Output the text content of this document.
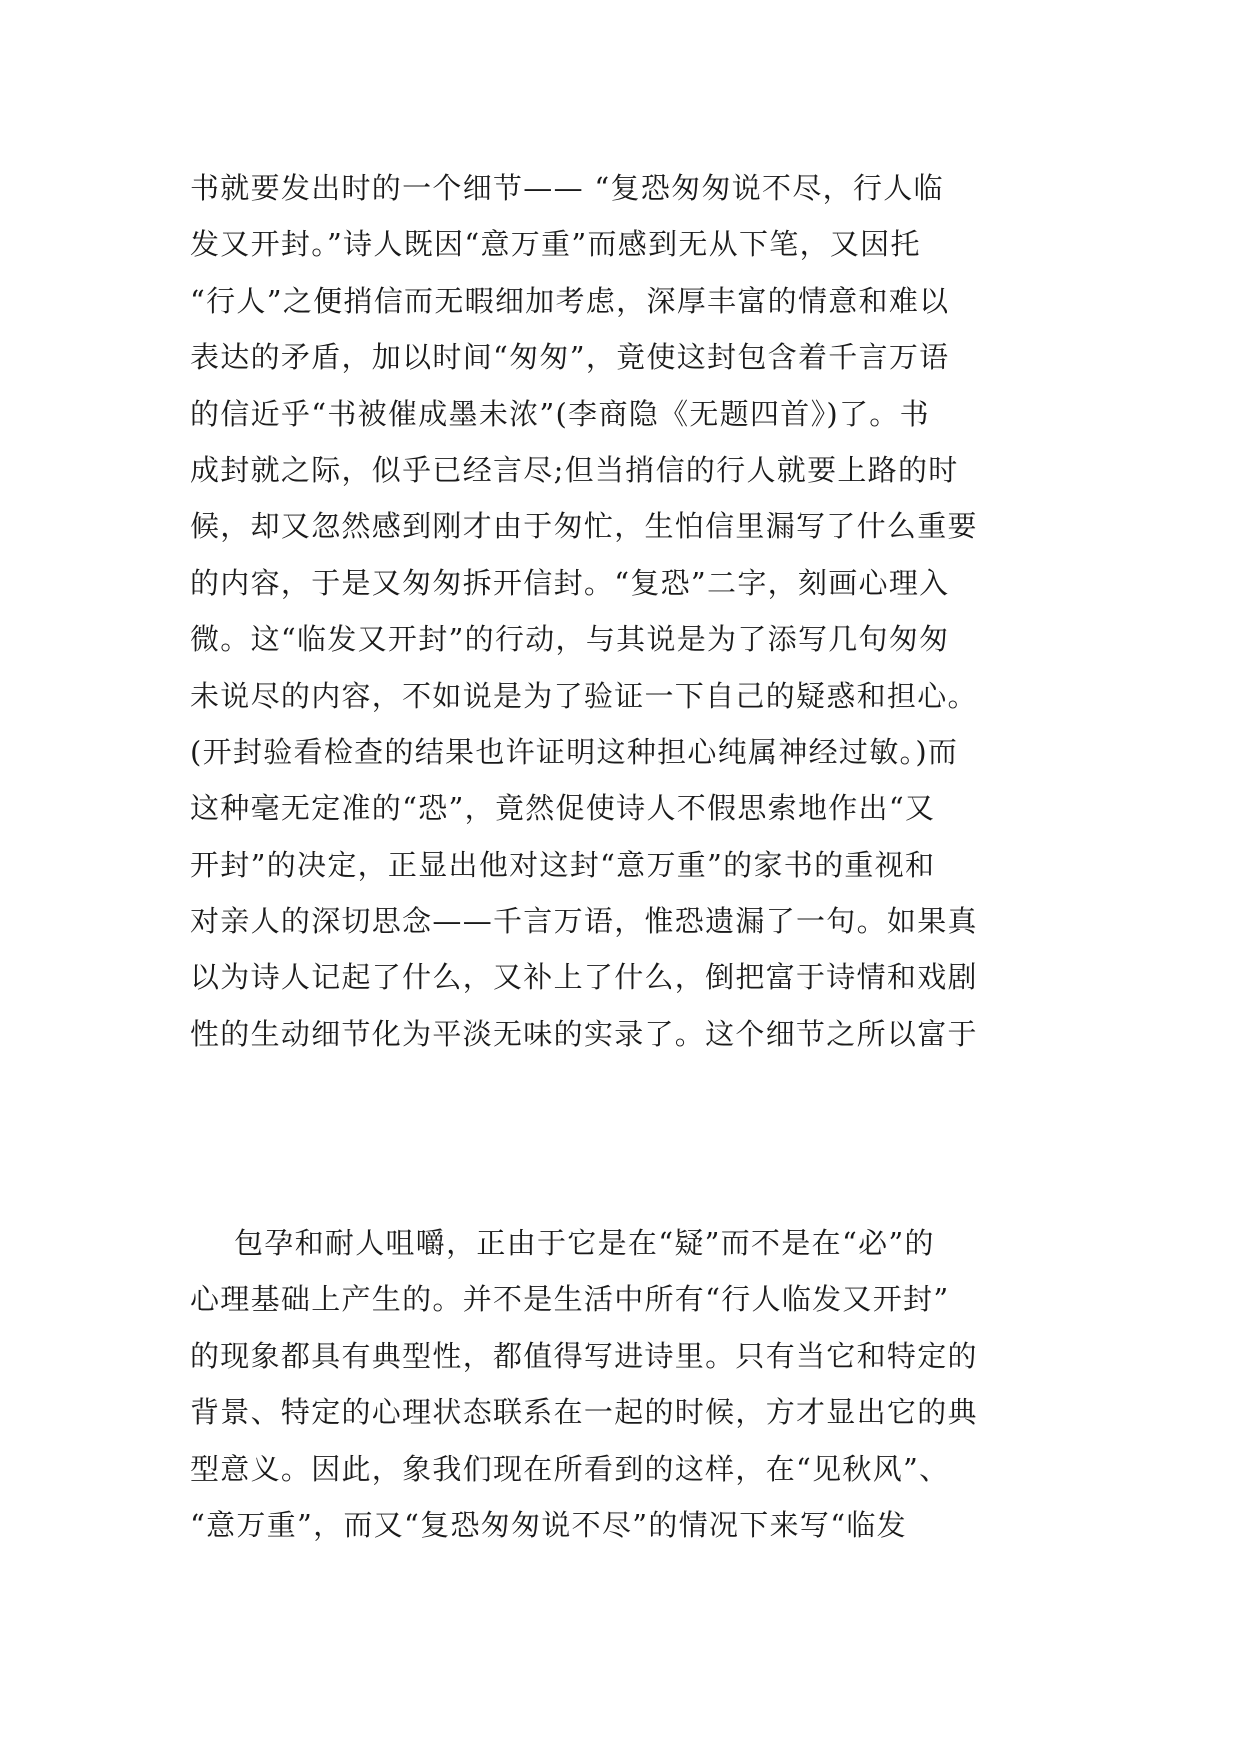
书就要发出时的一个细节—— “复恐匆匆说不尽，行人临
发又开封。”诗人既因“意万重”而感到无从下笔，又因托
“行人”之便捎信而无暇细加考虑，深厚丰富的情意和难以
表达的矛盾，加以时间“匆匆”，竟使这封包含着千言万语
的信近乎“书被催成墨未浓”(李商隐《无题四首》)了。书
成封就之际，似乎已经言尽;但当捎信的行人就要上路的时
候，却又忽然感到刚才由于匆忙，生怕信里漏写了什么重要
的内容，于是又匆匆拆开信封。“复恐”二字，刻画心理入
微。这“临发又开封”的行动，与其说是为了添写几句匆匆
未说尽的内容，不如说是为了验证一下自己的疑惑和担心。
(开封验看检查的结果也许证明这种担心纯属神经过敏。)而
这种毫无定准的“恐”，竟然促使诗人不假思索地作出“又
开封”的决定，正显出他对这封“意万重”的家书的重视和
对亲人的深切思念——千言万语，惟恐遗漏了一句。如果真
以为诗人记起了什么，又补上了什么，倒把富于诗情和戏剧
性的生动细节化为平淡无味的实录了。这个细节之所以富于
包孕和耐人咀嚼，正由于它是在“疑”而不是在“必”的
心理基础上产生的。并不是生活中所有“行人临发又开封”
的现象都具有典型性，都值得写进诗里。只有当它和特定的
背景、特定的心理状态联系在一起的时候，方才显出它的典
型意义。因此，象我们现在所看到的这样，在“见秋风”、
“意万重”，而又“复恐匆匆说不尽”的情况下来写“临发
